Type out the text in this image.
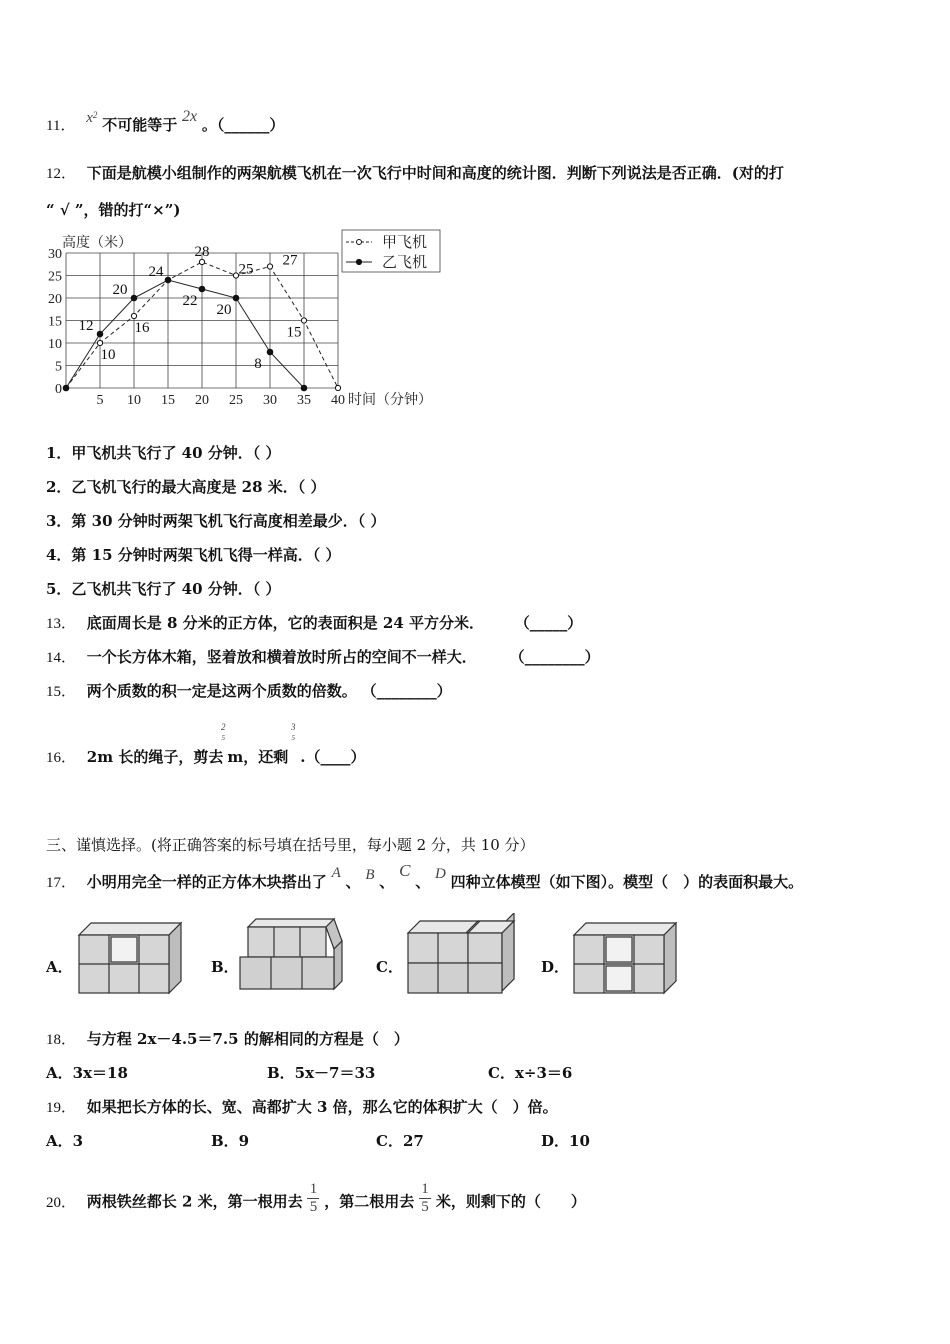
11． $x^2$ 不可能等于 2x 。（______）
12． 下面是航模小组制作的两架航模飞机在一次飞行中时间和高度的统计图．判断下列说法是否正确．(对的打
“ √ ”，错的打“×”)
0
5
10
15
20
25
30
5 10 15 20 25 30 35 40 时间（分钟）
高度（米）
10
16
28
25
27
15
12
20
24
22
20
8
甲飞机
乙飞机
1．甲飞机共飞行了 40 分钟．（ ）
2．乙飞机飞行的最大高度是 28 米．（ ）
3．第 30 分钟时两架飞机飞行高度相差最少．（ ）
4．第 15 分钟时两架飞机飞得一样高．（ ）
5．乙飞机共飞行了 40 分钟．（ ）
13． 底面周长是 8 分米的正方体，它的表面积是 24 平方分米． （_____）
14． 一个长方体木箱，竖着放和横着放时所占的空间不一样大． （________）
15． 两个质数的积一定是这两个质数的倍数。 （________）
16． 2m 长的绳子，剪去 m，还剩 .（____）
2
5
3
5
三、谨慎选择。(将正确答案的标号填在括号里，每小题 2 分，共 10 分）
17． 小明用完全一样的正方体木块搭出了 A 、 B 、 C 、 D 四种立体模型（如下图）。模型（　）的表面积最大。
A．	B．	C．	D．
18． 与方程 2x－4.5＝7.5 的解相同的方程是（　）
A．3x＝18	B．5x－7＝33	C．x÷3＝6
19． 如果把长方体的长、宽、高都扩大 3 倍，那么它的体积扩大（　）倍。
A．3	B．9	C．27	D．10
20． 两根铁丝都长 2 米，第一根用去 $\frac{1}{5}$ ，第二根用去 $\frac{1}{5}$ 米，则剩下的（　　）
